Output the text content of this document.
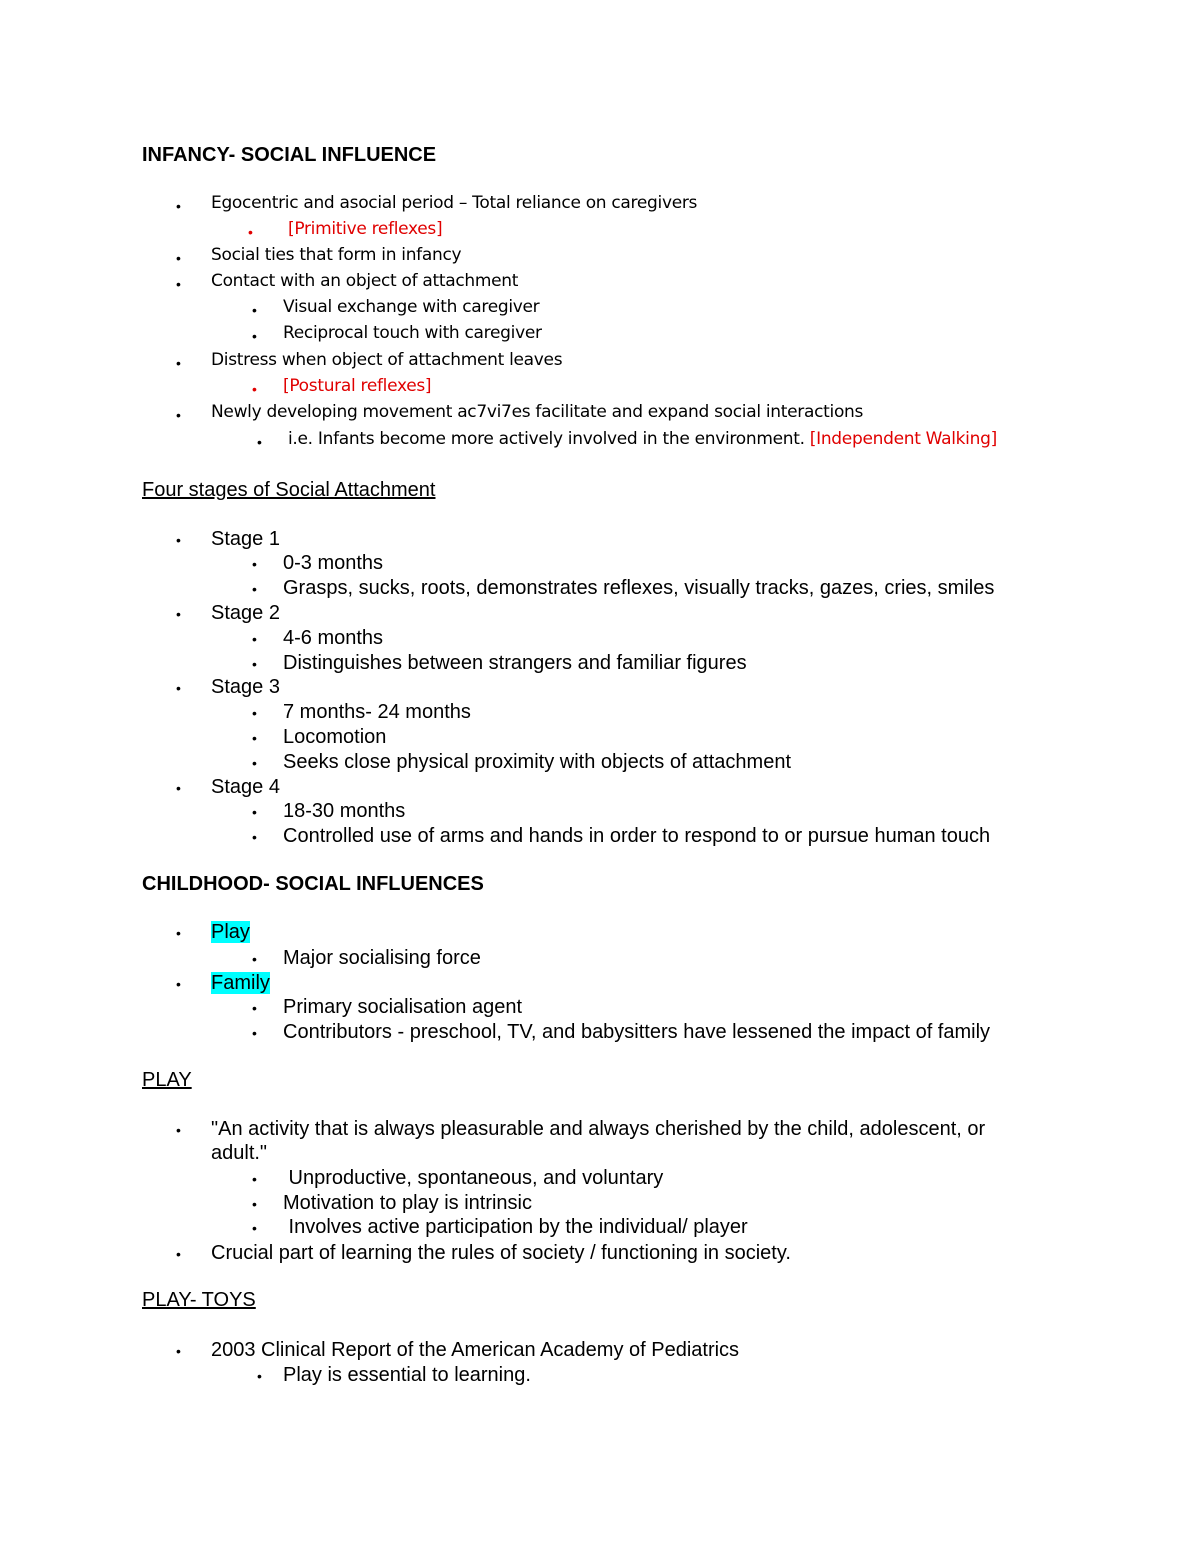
INFANCY- SOCIAL INFLUENCE
• Egocentric and asocial period – Total reliance on caregivers
• [Primitive reflexes]
• Social ties that form in infancy
• Contact with an object of attachment
• Visual exchange with caregiver
• Reciprocal touch with caregiver
• Distress when object of attachment leaves
• [Postural reflexes]
• Newly developing movement ac7vi7es facilitate and expand social interactions
• i.e. Infants become more actively involved in the environment. [Independent Walking]
Four stages of Social Attachment
• Stage 1
• 0-3 months
• Grasps, sucks, roots, demonstrates reflexes, visually tracks, gazes, cries, smiles
• Stage 2
• 4-6 months
• Distinguishes between strangers and familiar figures
• Stage 3
• 7 months- 24 months
• Locomotion
• Seeks close physical proximity with objects of attachment
• Stage 4
• 18-30 months
• Controlled use of arms and hands in order to respond to or pursue human touch
CHILDHOOD- SOCIAL INFLUENCES
• Play
• Major socialising force
• Family
• Primary socialisation agent
• Contributors - preschool, TV, and babysitters have lessened the impact of family
PLAY
• "An activity that is always pleasurable and always cherished by the child, adolescent, or
adult."
• Unproductive, spontaneous, and voluntary
• Motivation to play is intrinsic
• Involves active participation by the individual/ player
• Crucial part of learning the rules of society / functioning in society.
PLAY- TOYS
• 2003 Clinical Report of the American Academy of Pediatrics
• Play is essential to learning.
